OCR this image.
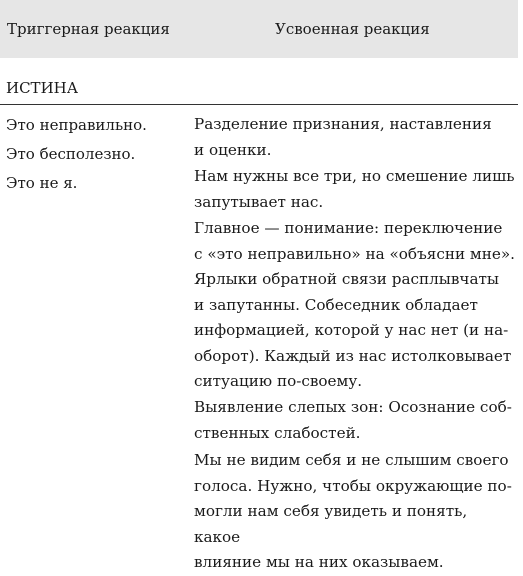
Триггерная реакция	Усвоенная реакция
ИСТИНА
Это неправильно.
Это бесполезно.
Это не я.

Разделение признания, наставления
и оценки.

Нам нужны все три, но смешение лишь
запутывает нас.

Главное — понимание: переключение
с «это неправильно» на «объясни мне».

Ярлыки обратной связи расплывчаты
и запутанны. Собеседник обладает
информацией, которой у нас нет (и на-
оборот). Каждый из нас истолковывает
ситуацию по-своему.

Выявление слепых зон: Осознание соб-
ственных слабостей.

Мы не видим себя и не слышим своего
голоса. Нужно, чтобы окружающие по-
могли нам себя увидеть и понять, какое
влияние мы на них оказываем.
